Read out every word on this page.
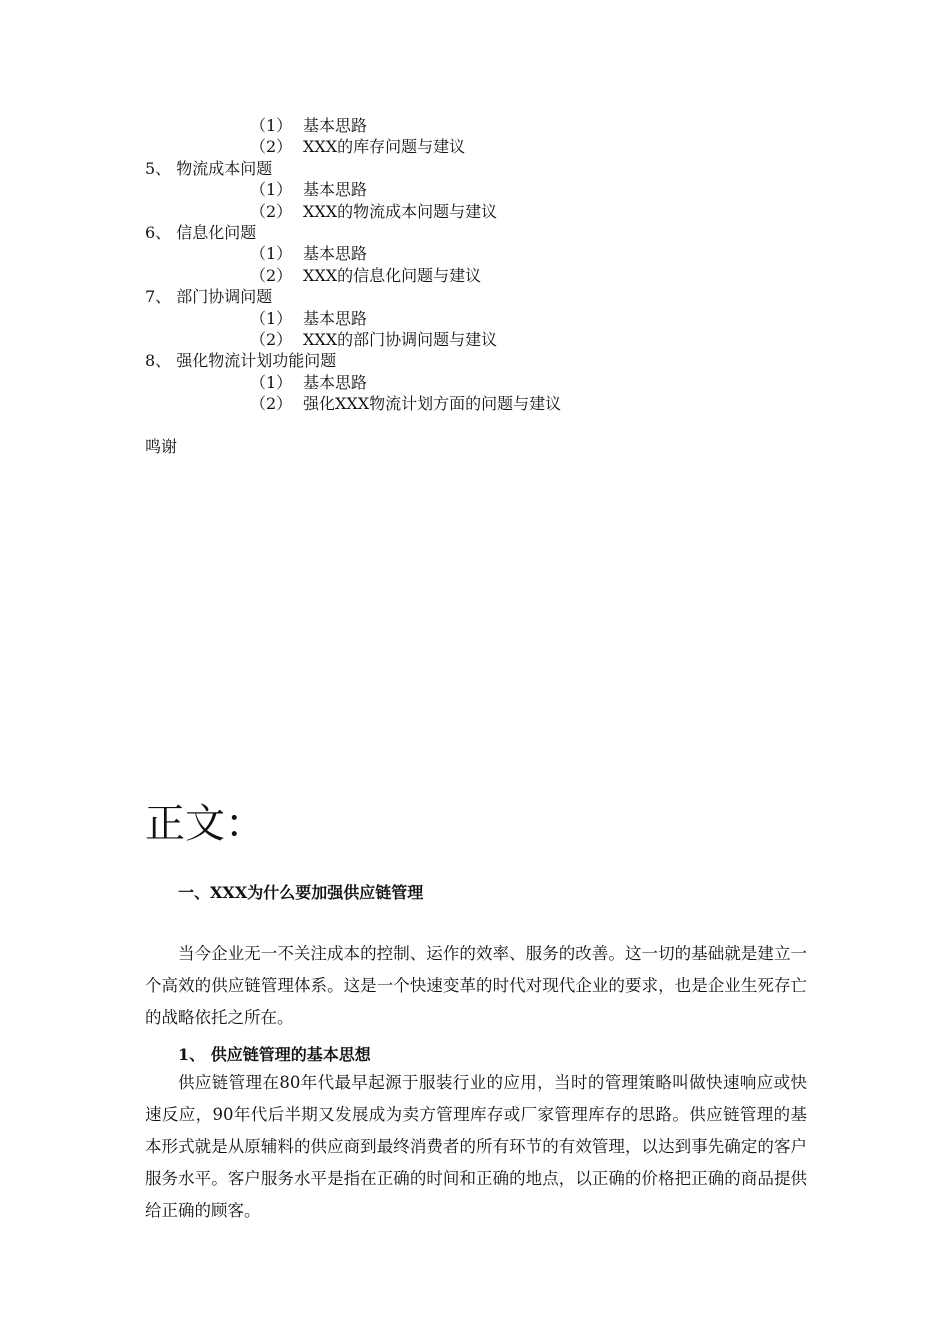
（1） 基本思路
（2） XXX的库存问题与建议
5、 物流成本问题
（1） 基本思路
（2） XXX的物流成本问题与建议
6、 信息化问题
（1） 基本思路
（2） XXX的信息化问题与建议
7、 部门协调问题
（1） 基本思路
（2） XXX的部门协调问题与建议
8、 强化物流计划功能问题
（1） 基本思路
（2） 强化XXX物流计划方面的问题与建议
鸣谢
正文：
一、XXX为什么要加强供应链管理
当今企业无一不关注成本的控制、运作的效率、服务的改善。这一切的基础就是建立一个高效的供应链管理体系。这是一个快速变革的时代对现代企业的要求，也是企业生死存亡的战略依托之所在。
1、 供应链管理的基本思想
供应链管理在80年代最早起源于服装行业的应用，当时的管理策略叫做快速响应或快速反应，90年代后半期又发展成为卖方管理库存或厂家管理库存的思路。供应链管理的基本形式就是从原辅料的供应商到最终消费者的所有环节的有效管理，以达到事先确定的客户服务水平。客户服务水平是指在正确的时间和正确的地点，以正确的价格把正确的商品提供给正确的顾客。
